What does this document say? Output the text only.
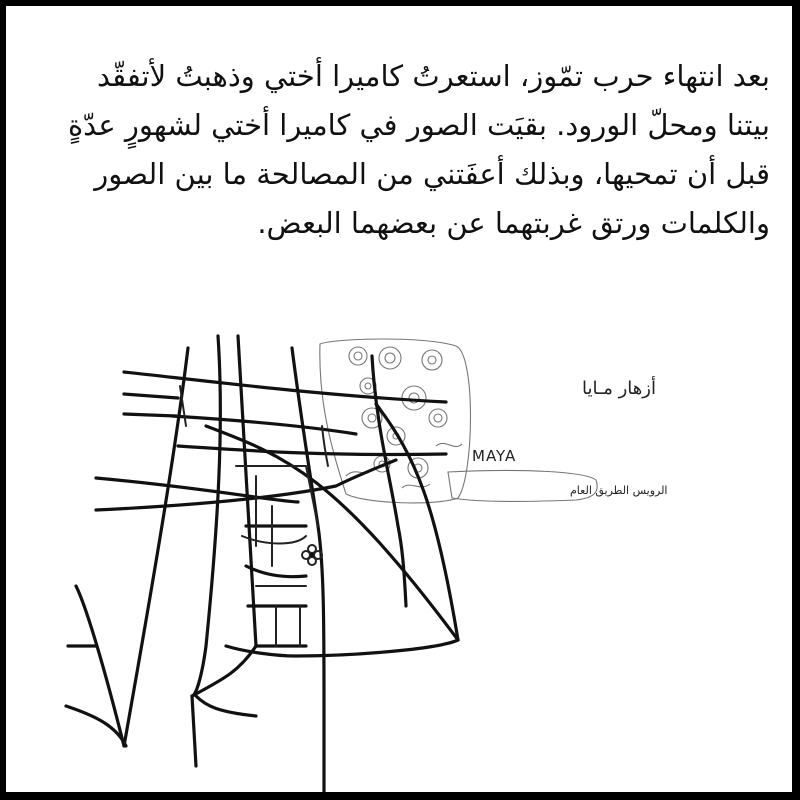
بعد انتهاء حرب تمّوز، استعرتُ كاميرا أختي وذهبتُ لأتفقّد
بيتنا ومحلّ الورود. بقيَت الصور في كاميرا أختي لشهورٍ عدّةٍ
قبل أن تمحيها، وبذلك أعفَتني من المصالحة ما بين الصور
والكلمات ورتق غربتهما عن بعضهما البعض.

أزهار مـايا
MAYA
الرويس الطريق العام
